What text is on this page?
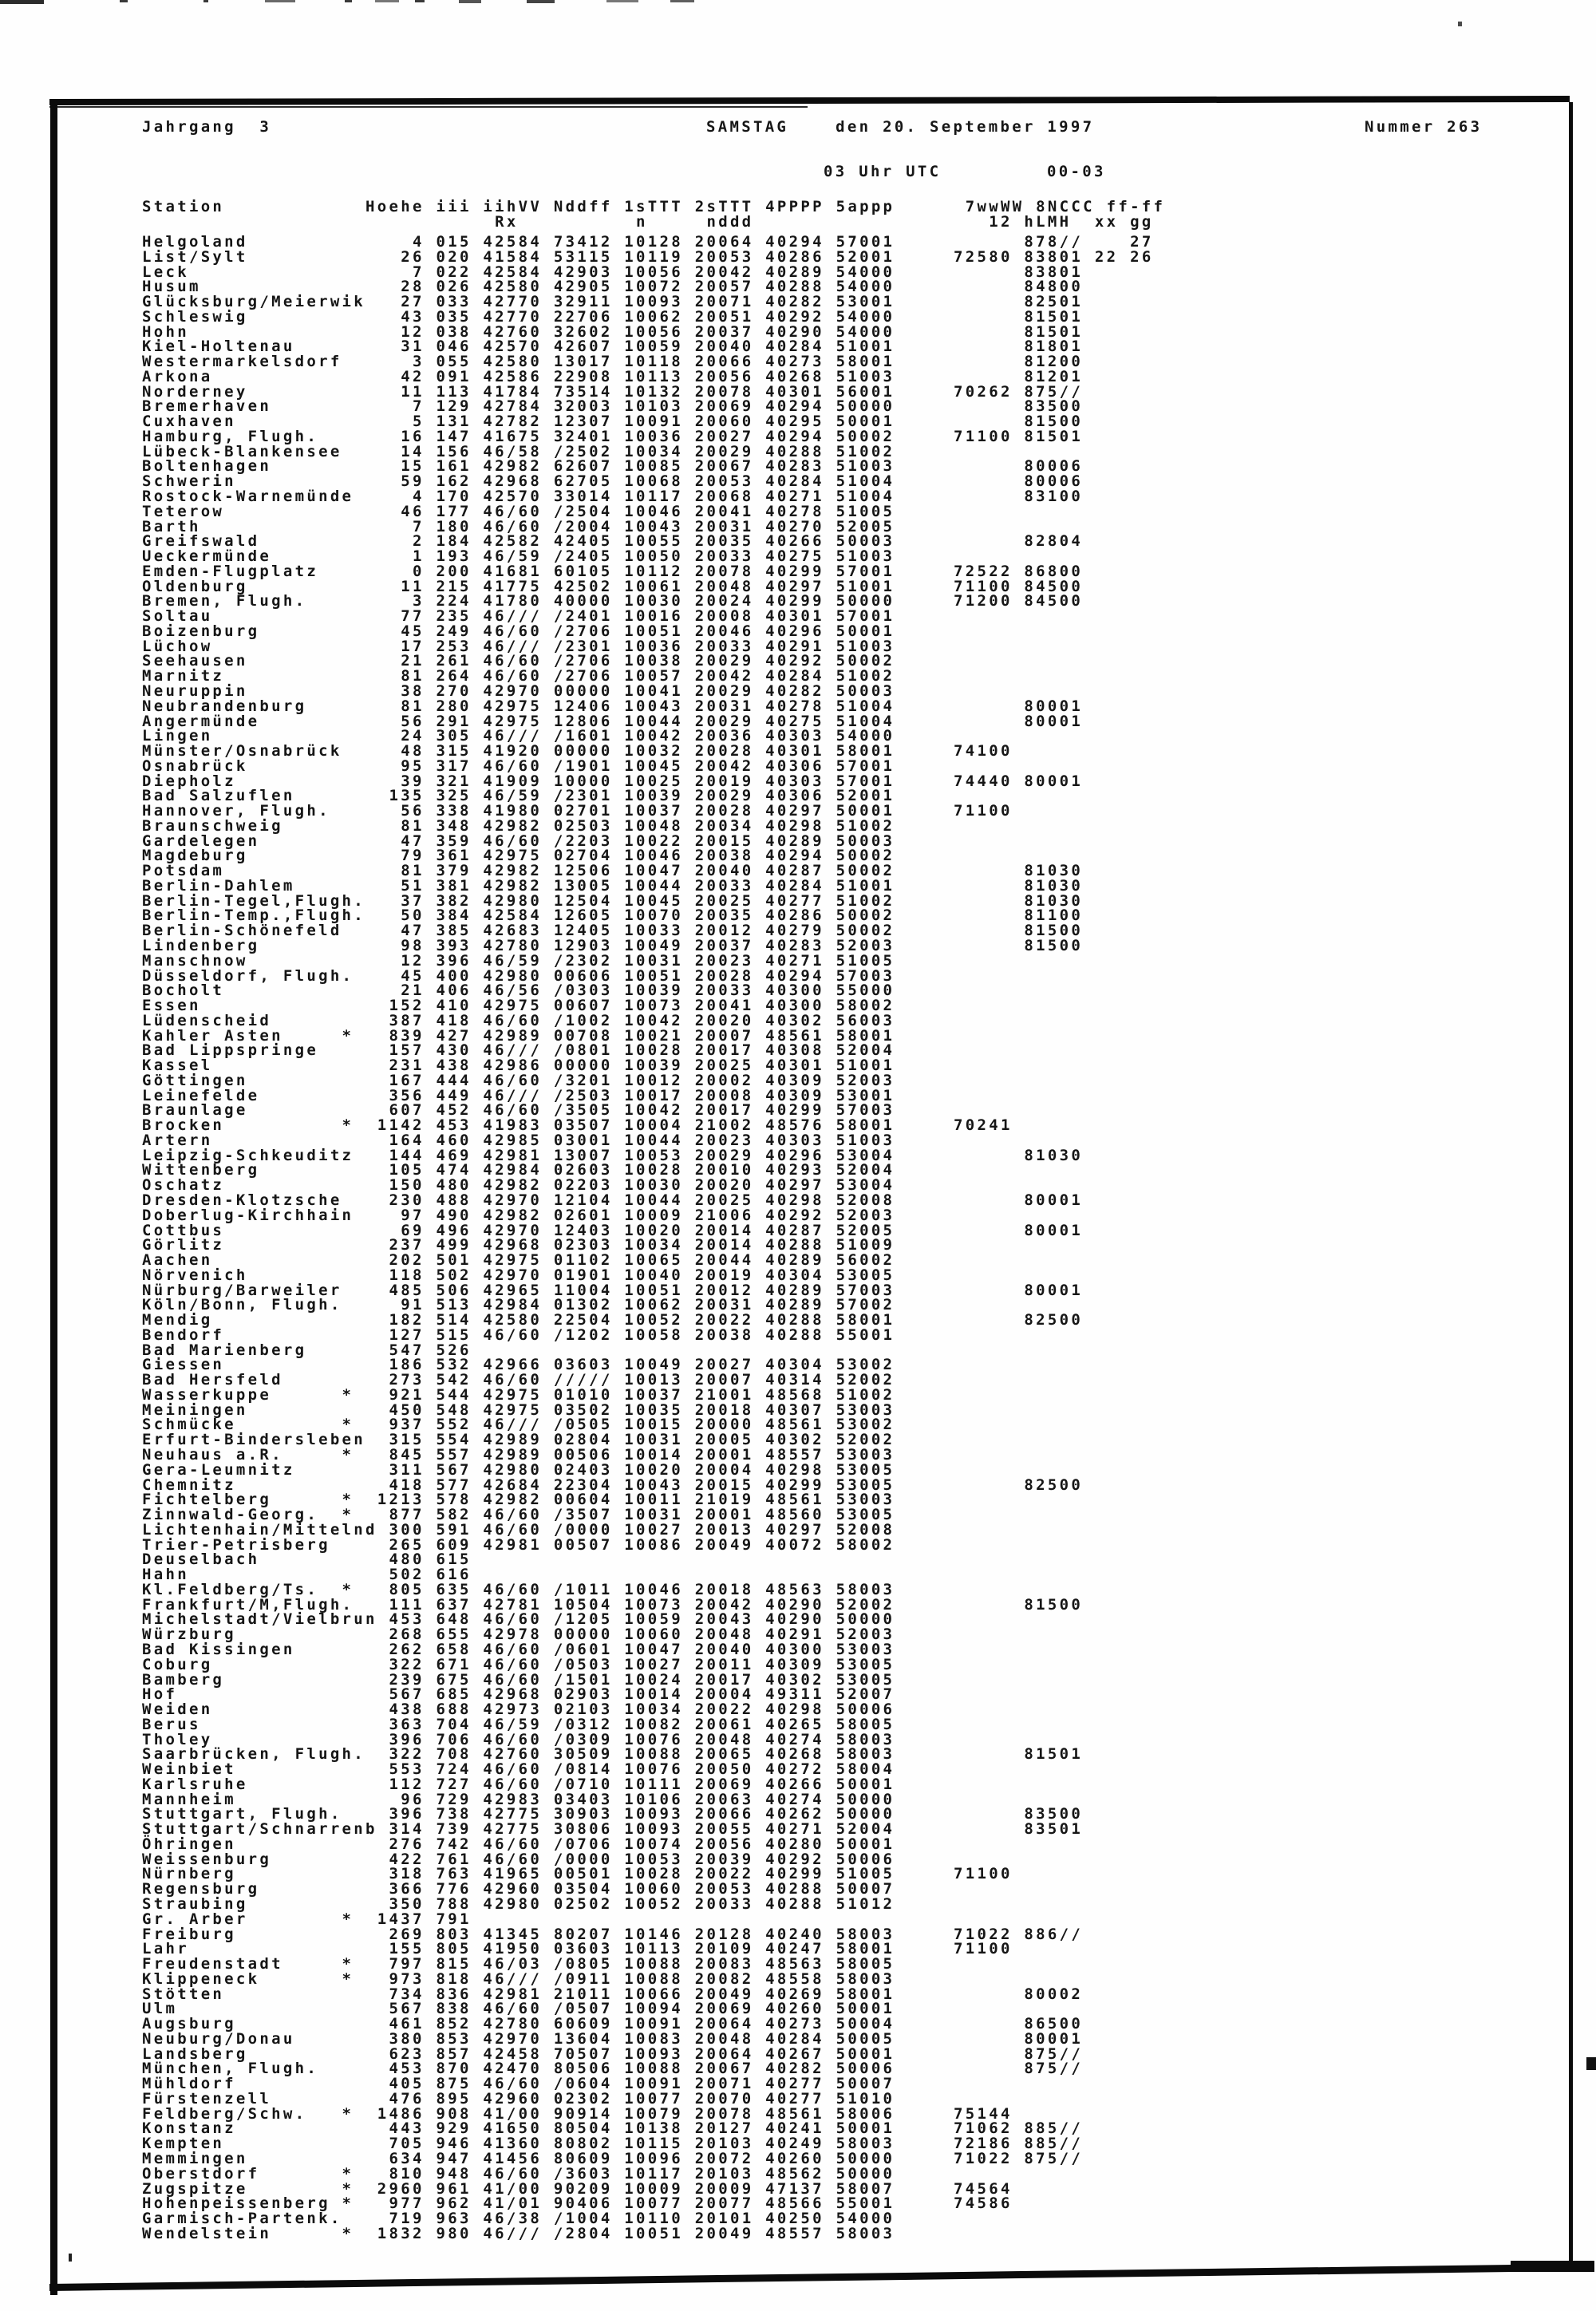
Jahrgang  3	SAMSTAG    den 20. September 1997	Nummer 263
03 Uhr UTC	00-03
Station            Hoehe iii iihVV Nddff 1sTTT 2sTTT 4PPPP 5appp      7wwWW 8NCCC ff-ff
Rx          n     nddd                    12 hLMH  xx gg
Helgoland              4 015 42584 73412 10128 20064 40294 57001           878//    27
List/Sylt             26 020 41584 53115 10119 20053 40286 52001     72580 83801 22 26
Leck                   7 022 42584 42903 10056 20042 40289 54000           83801
Husum                 28 026 42580 42905 10072 20057 40288 54000           84800
Glücksburg/Meierwik   27 033 42770 32911 10093 20071 40282 53001           82501
Schleswig             43 035 42770 22706 10062 20051 40292 54000           81501
Hohn                  12 038 42760 32602 10056 20037 40290 54000           81501
Kiel-Holtenau         31 046 42570 42607 10059 20040 40284 51001           81801
Westermarkelsdorf      3 055 42580 13017 10118 20066 40273 58001           81200
Arkona                42 091 42586 22908 10113 20056 40268 51003           81201
Norderney             11 113 41784 73514 10132 20078 40301 56001     70262 875//
Bremerhaven            7 129 42784 32003 10103 20069 40294 50000           83500
Cuxhaven               5 131 42782 12307 10091 20060 40295 50001           81500
Hamburg, Flugh.       16 147 41675 32401 10036 20027 40294 50002     71100 81501
Lübeck-Blankensee     14 156 46/58 /2502 10034 20029 40288 51002
Boltenhagen           15 161 42982 62607 10085 20067 40283 51003           80006
Schwerin              59 162 42968 62705 10068 20053 40284 51004           80006
Rostock-Warnemünde     4 170 42570 33014 10117 20068 40271 51004           83100
Teterow               46 177 46/60 /2504 10046 20041 40278 51005
Barth                  7 180 46/60 /2004 10043 20031 40270 52005
Greifswald             2 184 42582 42405 10055 20035 40266 50003           82804
Ueckermünde            1 193 46/59 /2405 10050 20033 40275 51003
Emden-Flugplatz        0 200 41681 60105 10112 20078 40299 57001     72522 86800
Oldenburg             11 215 41775 42502 10061 20048 40297 51001     71100 84500
Bremen, Flugh.         3 224 41780 40000 10030 20024 40299 50000     71200 84500
Soltau                77 235 46/// /2401 10016 20008 40301 57001
Boizenburg            45 249 46/60 /2706 10051 20046 40296 50001
Lüchow                17 253 46/// /2301 10036 20033 40291 51003
Seehausen             21 261 46/60 /2706 10038 20029 40292 50002
Marnitz               81 264 46/60 /2706 10057 20042 40284 51002
Neuruppin             38 270 42970 00000 10041 20029 40282 50003
Neubrandenburg        81 280 42975 12406 10043 20031 40278 51004           80001
Angermünde            56 291 42975 12806 10044 20029 40275 51004           80001
Lingen                24 305 46/// /1601 10042 20036 40303 54000
Münster/Osnabrück     48 315 41920 00000 10032 20028 40301 58001     74100
Osnabrück             95 317 46/60 /1901 10045 20042 40306 57001
Diepholz              39 321 41909 10000 10025 20019 40303 57001     74440 80001
Bad Salzuflen        135 325 46/59 /2301 10039 20029 40306 52001
Hannover, Flugh.      56 338 41980 02701 10037 20028 40297 50001     71100
Braunschweig          81 348 42982 02503 10048 20034 40298 51002
Gardelegen            47 359 46/60 /2203 10022 20015 40289 50003
Magdeburg             79 361 42975 02704 10046 20038 40294 50002
Potsdam               81 379 42982 12506 10047 20040 40287 50002           81030
Berlin-Dahlem         51 381 42982 13005 10044 20033 40284 51001           81030
Berlin-Tegel,Flugh.   37 382 42980 12504 10045 20025 40277 51002           81030
Berlin-Temp.,Flugh.   50 384 42584 12605 10070 20035 40286 50002           81100
Berlin-Schönefeld     47 385 42683 12405 10033 20012 40279 50002           81500
Lindenberg            98 393 42780 12903 10049 20037 40283 52003           81500
Manschnow             12 396 46/59 /2302 10031 20023 40271 51005
Düsseldorf, Flugh.    45 400 42980 00606 10051 20028 40294 57003
Bocholt               21 406 46/56 /0303 10039 20033 40300 55000
Essen                152 410 42975 00607 10073 20041 40300 58002
Lüdenscheid          387 418 46/60 /1002 10042 20020 40302 56003
Kahler Asten     *   839 427 42989 00708 10021 20007 48561 58001
Bad Lippspringe      157 430 46/// /0801 10028 20017 40308 52004
Kassel               231 438 42986 00000 10039 20025 40301 51001
Göttingen            167 444 46/60 /3201 10012 20002 40309 52003
Leinefelde           356 449 46/// /2503 10017 20008 40309 53001
Braunlage            607 452 46/60 /3505 10042 20017 40299 57003
Brocken          *  1142 453 41983 03507 10004 21002 48576 58001     70241
Artern               164 460 42985 03001 10044 20023 40303 51003
Leipzig-Schkeuditz   144 469 42981 13007 10053 20029 40296 53004           81030
Wittenberg           105 474 42984 02603 10028 20010 40293 52004
Oschatz              150 480 42982 02203 10030 20020 40297 53004
Dresden-Klotzsche    230 488 42970 12104 10044 20025 40298 52008           80001
Doberlug-Kirchhain    97 490 42982 02601 10009 21006 40292 52003
Cottbus               69 496 42970 12403 10020 20014 40287 52005           80001
Görlitz              237 499 42968 02303 10034 20014 40288 51009
Aachen               202 501 42975 01102 10065 20044 40289 56002
Nörvenich            118 502 42970 01901 10040 20019 40304 53005
Nürburg/Barweiler    485 506 42965 11004 10051 20012 40289 57003           80001
Köln/Bonn, Flugh.     91 513 42984 01302 10062 20031 40289 57002
Mendig               182 514 42580 22504 10052 20022 40288 58001           82500
Bendorf              127 515 46/60 /1202 10058 20038 40288 55001
Bad Marienberg       547 526
Giessen              186 532 42966 03603 10049 20027 40304 53002
Bad Hersfeld         273 542 46/60 ///// 10013 20007 40314 52002
Wasserkuppe      *   921 544 42975 01010 10037 21001 48568 51002
Meiningen            450 548 42975 03502 10035 20018 40307 53003
Schmücke         *   937 552 46/// /0505 10015 20000 48561 53002
Erfurt-Bindersleben  315 554 42989 02804 10031 20005 40302 52002
Neuhaus a.R.     *   845 557 42989 00506 10014 20001 48557 53003
Gera-Leumnitz        311 567 42980 02403 10020 20004 40298 53005
Chemnitz             418 577 42684 22304 10043 20015 40299 53005           82500
Fichtelberg      *  1213 578 42982 00604 10011 21019 48561 53003
Zinnwald-Georg.  *   877 582 46/60 /3507 10031 20001 48560 53005
Lichtenhain/Mittelnd 300 591 46/60 /0000 10027 20013 40297 52008
Trier-Petrisberg     265 609 42981 00507 10086 20049 40072 58002
Deuselbach           480 615
Hahn                 502 616
Kl.Feldberg/Ts.  *   805 635 46/60 /1011 10046 20018 48563 58003
Frankfurt/M,Flugh.   111 637 42781 10504 10073 20042 40290 52002           81500
Michelstadt/Vielbrun 453 648 46/60 /1205 10059 20043 40290 50000
Würzburg             268 655 42978 00000 10060 20048 40291 52003
Bad Kissingen        262 658 46/60 /0601 10047 20040 40300 53003
Coburg               322 671 46/60 /0503 10027 20011 40309 53005
Bamberg              239 675 46/60 /1501 10024 20017 40302 53005
Hof                  567 685 42968 02903 10014 20004 49311 52007
Weiden               438 688 42973 02103 10034 20022 40298 50006
Berus                363 704 46/59 /0312 10082 20061 40265 58005
Tholey               396 706 46/60 /0309 10076 20048 40274 58003
Saarbrücken, Flugh.  322 708 42760 30509 10088 20065 40268 58003           81501
Weinbiet             553 724 46/60 /0814 10076 20050 40272 58004
Karlsruhe            112 727 46/60 /0710 10111 20069 40266 50001
Mannheim              96 729 42983 03403 10106 20063 40274 50000
Stuttgart, Flugh.    396 738 42775 30903 10093 20066 40262 50000           83500
Stuttgart/Schnarrenb 314 739 42775 30806 10093 20055 40271 52004           83501
Öhringen             276 742 46/60 /0706 10074 20056 40280 50001
Weissenburg          422 761 46/60 /0000 10053 20039 40292 50006
Nürnberg             318 763 41965 00501 10028 20022 40299 51005     71100
Regensburg           366 776 42960 03504 10060 20053 40288 50007
Straubing            350 788 42980 02502 10052 20033 40288 51012
Gr. Arber        *  1437 791
Freiburg             269 803 41345 80207 10146 20128 40240 58003     71022 886//
Lahr                 155 805 41950 03603 10113 20109 40247 58001     71100
Freudenstadt     *   797 815 46/03 /0805 10088 20083 48563 58005
Klippeneck       *   973 818 46/// /0911 10088 20082 48558 58003
Stötten              734 836 42981 21011 10066 20049 40269 58001           80002
Ulm                  567 838 46/60 /0507 10094 20069 40260 50001
Augsburg             461 852 42780 60609 10091 20064 40273 50004           86500
Neuburg/Donau        380 853 42970 13604 10083 20048 40284 50005           80001
Landsberg            623 857 42458 70507 10093 20064 40267 50001           875//
München, Flugh.      453 870 42470 80506 10088 20067 40282 50006           875//
Mühldorf             405 875 46/60 /0604 10091 20071 40277 50007
Fürstenzell          476 895 42960 02302 10077 20070 40277 51010
Feldberg/Schw.   *  1486 908 41/00 90914 10079 20078 48561 58006     75144
Konstanz             443 929 41650 80504 10138 20127 40241 50001     71062 885//
Kempten              705 946 41360 80802 10115 20103 40249 58003     72186 885//
Memmingen            634 947 41456 80609 10096 20072 40260 50000     71022 875//
Oberstdorf       *   810 948 46/60 /3603 10117 20103 48562 50000
Zugspitze        *  2960 961 41/00 90209 10009 20009 47137 58007     74564
Hohenpeissenberg *   977 962 41/01 90406 10077 20077 48566 55001     74586
Garmisch-Partenk.    719 963 46/38 /1004 10110 20101 40250 54000
Wendelstein      *  1832 980 46/// /2804 10051 20049 48557 58003
